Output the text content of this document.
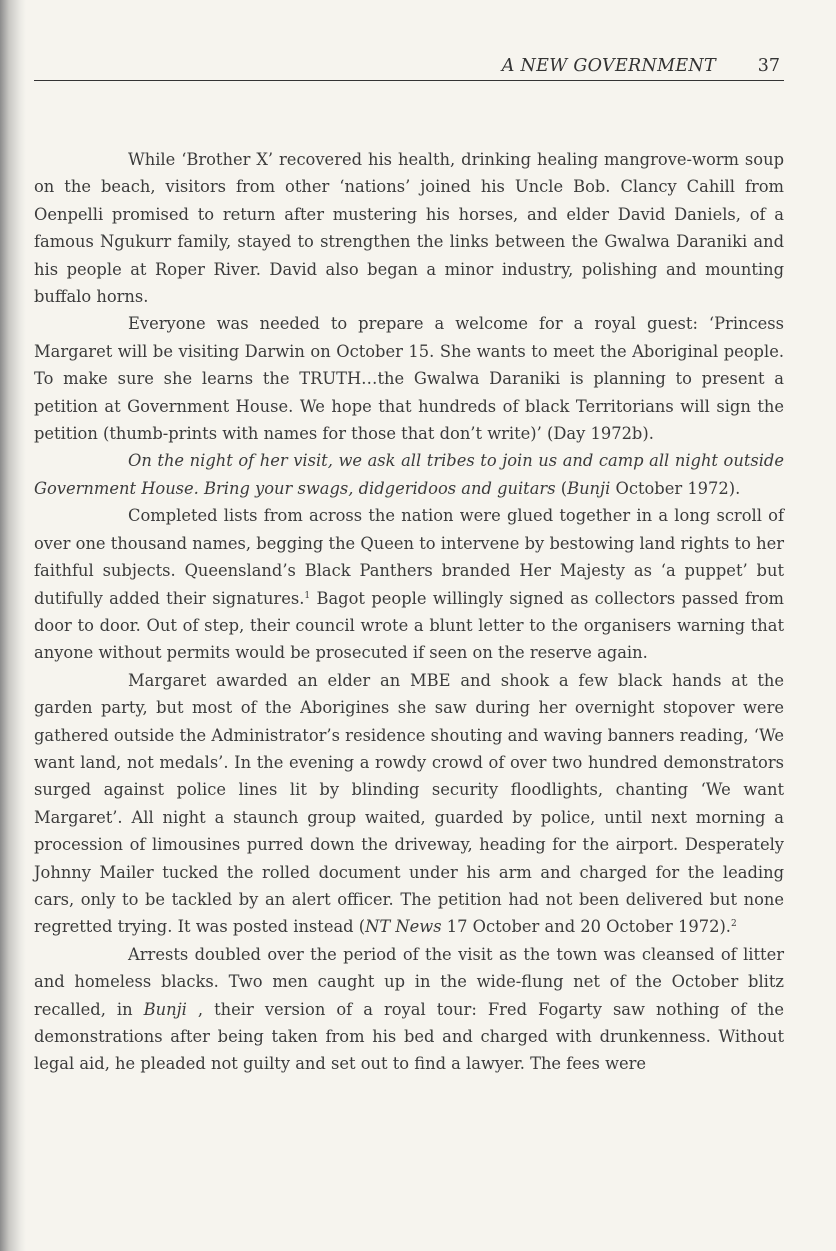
A NEW GOVERNMENT 37

While ‘Brother X’ recovered his health, drinking healing mangrove-worm soup on the beach, visitors from other ‘nations’ joined his Uncle Bob. Clancy Cahill from Oenpelli promised to return after mustering his horses, and elder David Daniels, of a famous Ngukurr family, stayed to strengthen the links between the Gwalwa Daraniki and his people at Roper River. David also began a minor industry, polishing and mounting buffalo horns.

Everyone was needed to prepare a welcome for a royal guest: ‘Princess Margaret will be visiting Darwin on October 15. She wants to meet the Aboriginal people. To make sure she learns the TRUTH…the Gwalwa Daraniki is planning to present a petition at Government House. We hope that hundreds of black Territorians will sign the petition (thumb-prints with names for those that don’t write)’ (Day 1972b).

On the night of her visit, we ask all tribes to join us and camp all night outside Government House. Bring your swags, didgeridoos and guitars (Bunji October 1972).

Completed lists from across the nation were glued together in a long scroll of over one thousand names, begging the Queen to intervene by bestowing land rights to her faithful subjects. Queensland’s Black Panthers branded Her Majesty as ‘a puppet’ but dutifully added their signatures.$^1$ Bagot people willingly signed as collectors passed from door to door. Out of step, their council wrote a blunt letter to the organisers warning that anyone without permits would be prosecuted if seen on the reserve again.

Margaret awarded an elder an MBE and shook a few black hands at the garden party, but most of the Aborigines she saw during her overnight stopover were gathered outside the Administrator’s residence shouting and waving banners reading, ‘We want land, not medals’. In the evening a rowdy crowd of over two hundred demonstrators surged against police lines lit by blinding security floodlights, chanting ‘We want Margaret’. All night a staunch group waited, guarded by police, until next morning a procession of limousines purred down the driveway, heading for the airport. Desperately Johnny Mailer tucked the rolled document under his arm and charged for the leading cars, only to be tackled by an alert officer. The petition had not been delivered but none regretted trying. It was posted instead (NT News 17 October and 20 October 1972).$^2$

Arrests doubled over the period of the visit as the town was cleansed of litter and homeless blacks. Two men caught up in the wide-flung net of the October blitz recalled, in Bunji , their version of a royal tour: Fred Fogarty saw nothing of the demonstrations after being taken from his bed and charged with drunkenness. Without legal aid, he pleaded not guilty and set out to find a lawyer. The fees were
